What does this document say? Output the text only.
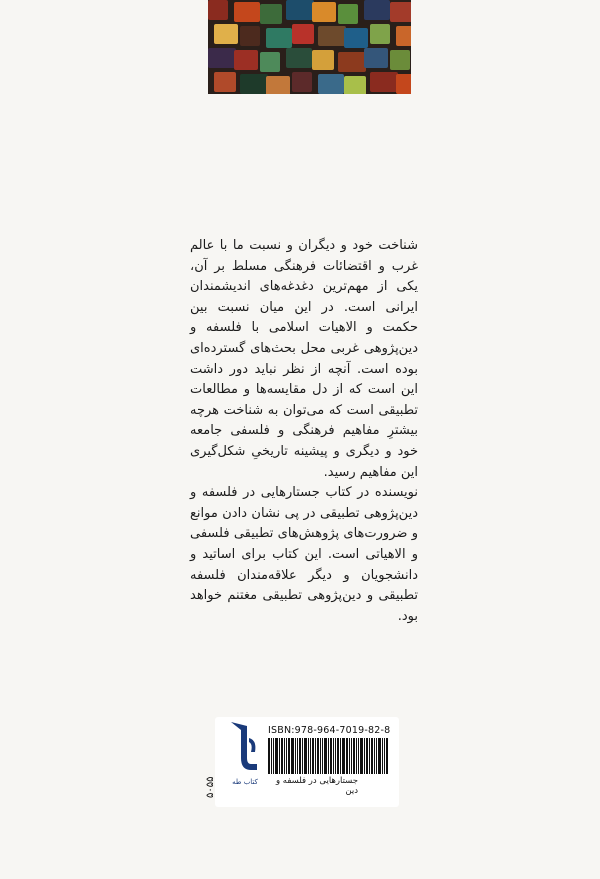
شناخت خود و دیگران و نسبت ما با عالم غرب و اقتضائات فرهنگی مسلط بر آن، یکی از مهم‌ترین دغدغه‌های اندیشمندان ایرانی است. در این میان نسبت بین حکمت و الاهیات اسلامی با فلسفه و دین‌پژوهی غربی محل بحث‌های گسترده‌ای بوده است. آنچه از نظر نباید دور داشت این است که از دل مقایسه‌ها و مطالعات تطبیقی است که می‌توان به شناخت هرچه بیشترِ مفاهیم فرهنگی و فلسفی جامعه خود و دیگری و پیشینه تاریخیِ شکل‌گیری این مفاهیم رسید.

نویسنده در کتاب جستارهایی در فلسفه و دین‌پژوهی تطبیقی در پی نشان دادن موانع و ضرورت‌های پژوهش‌های تطبیقی فلسفی و الاهیاتی است. این کتاب برای اساتید و دانشجویان و دیگر علاقه‌مندان فلسفه تطبیقی و دین‌پژوهی تطبیقی مغتنم خواهد بود.

کتاب طه
ISBN:978-964-7019-82-8
جستارهایی در فلسفه و دین
۵۰۵۵
